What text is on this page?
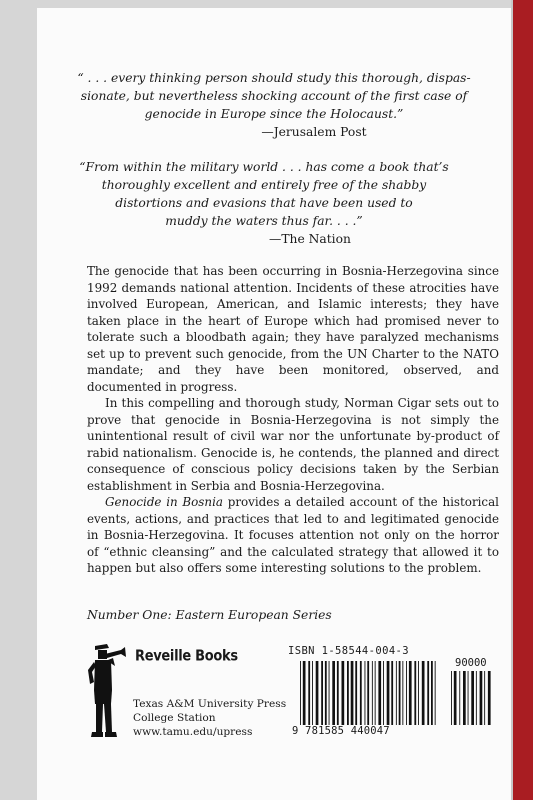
“ . . . every thinking person should study this thorough, dispas-
sionate, but nevertheless shocking account of the first case of
genocide in Europe since the Holocaust.”
—Jerusalem Post
“From within the military world . . . has come a book that’s
thoroughly excellent and entirely free of the shabby
distortions and evasions that have been used to
muddy the waters thus far. . . .”
—The Nation

The genocide that has been occurring in Bosnia-Herzegovina since 1992 demands national attention. Incidents of these atrocities have involved European, American, and Islamic interests; they have taken place in the heart of Europe which had promised never to tolerate such a bloodbath again; they have paralyzed mechanisms set up to prevent such genocide, from the UN Charter to the NATO mandate; and they have been monitored, observed, and documented in progress.

In this compelling and thorough study, Norman Cigar sets out to prove that genocide in Bosnia-Herzegovina is not simply the unintentional result of civil war nor the unfortunate by-product of rabid nationalism. Genocide is, he contends, the planned and direct consequence of conscious policy decisions taken by the Serbian establishment in Serbia and Bosnia-Herzegovina.

Genocide in Bosnia provides a detailed account of the historical events, actions, and practices that led to and legitimated genocide in Bosnia-Herzegovina. It focuses attention not only on the horror of “ethnic cleansing” and the calculated strategy that allowed it to happen but also offers some interesting solutions to the problem.

Number One: Eastern European Series
Reveille Books
Texas A&M University Press
College Station
www.tamu.edu/upress
ISBN 1-58544-004-3
90000
9 781585 440047
